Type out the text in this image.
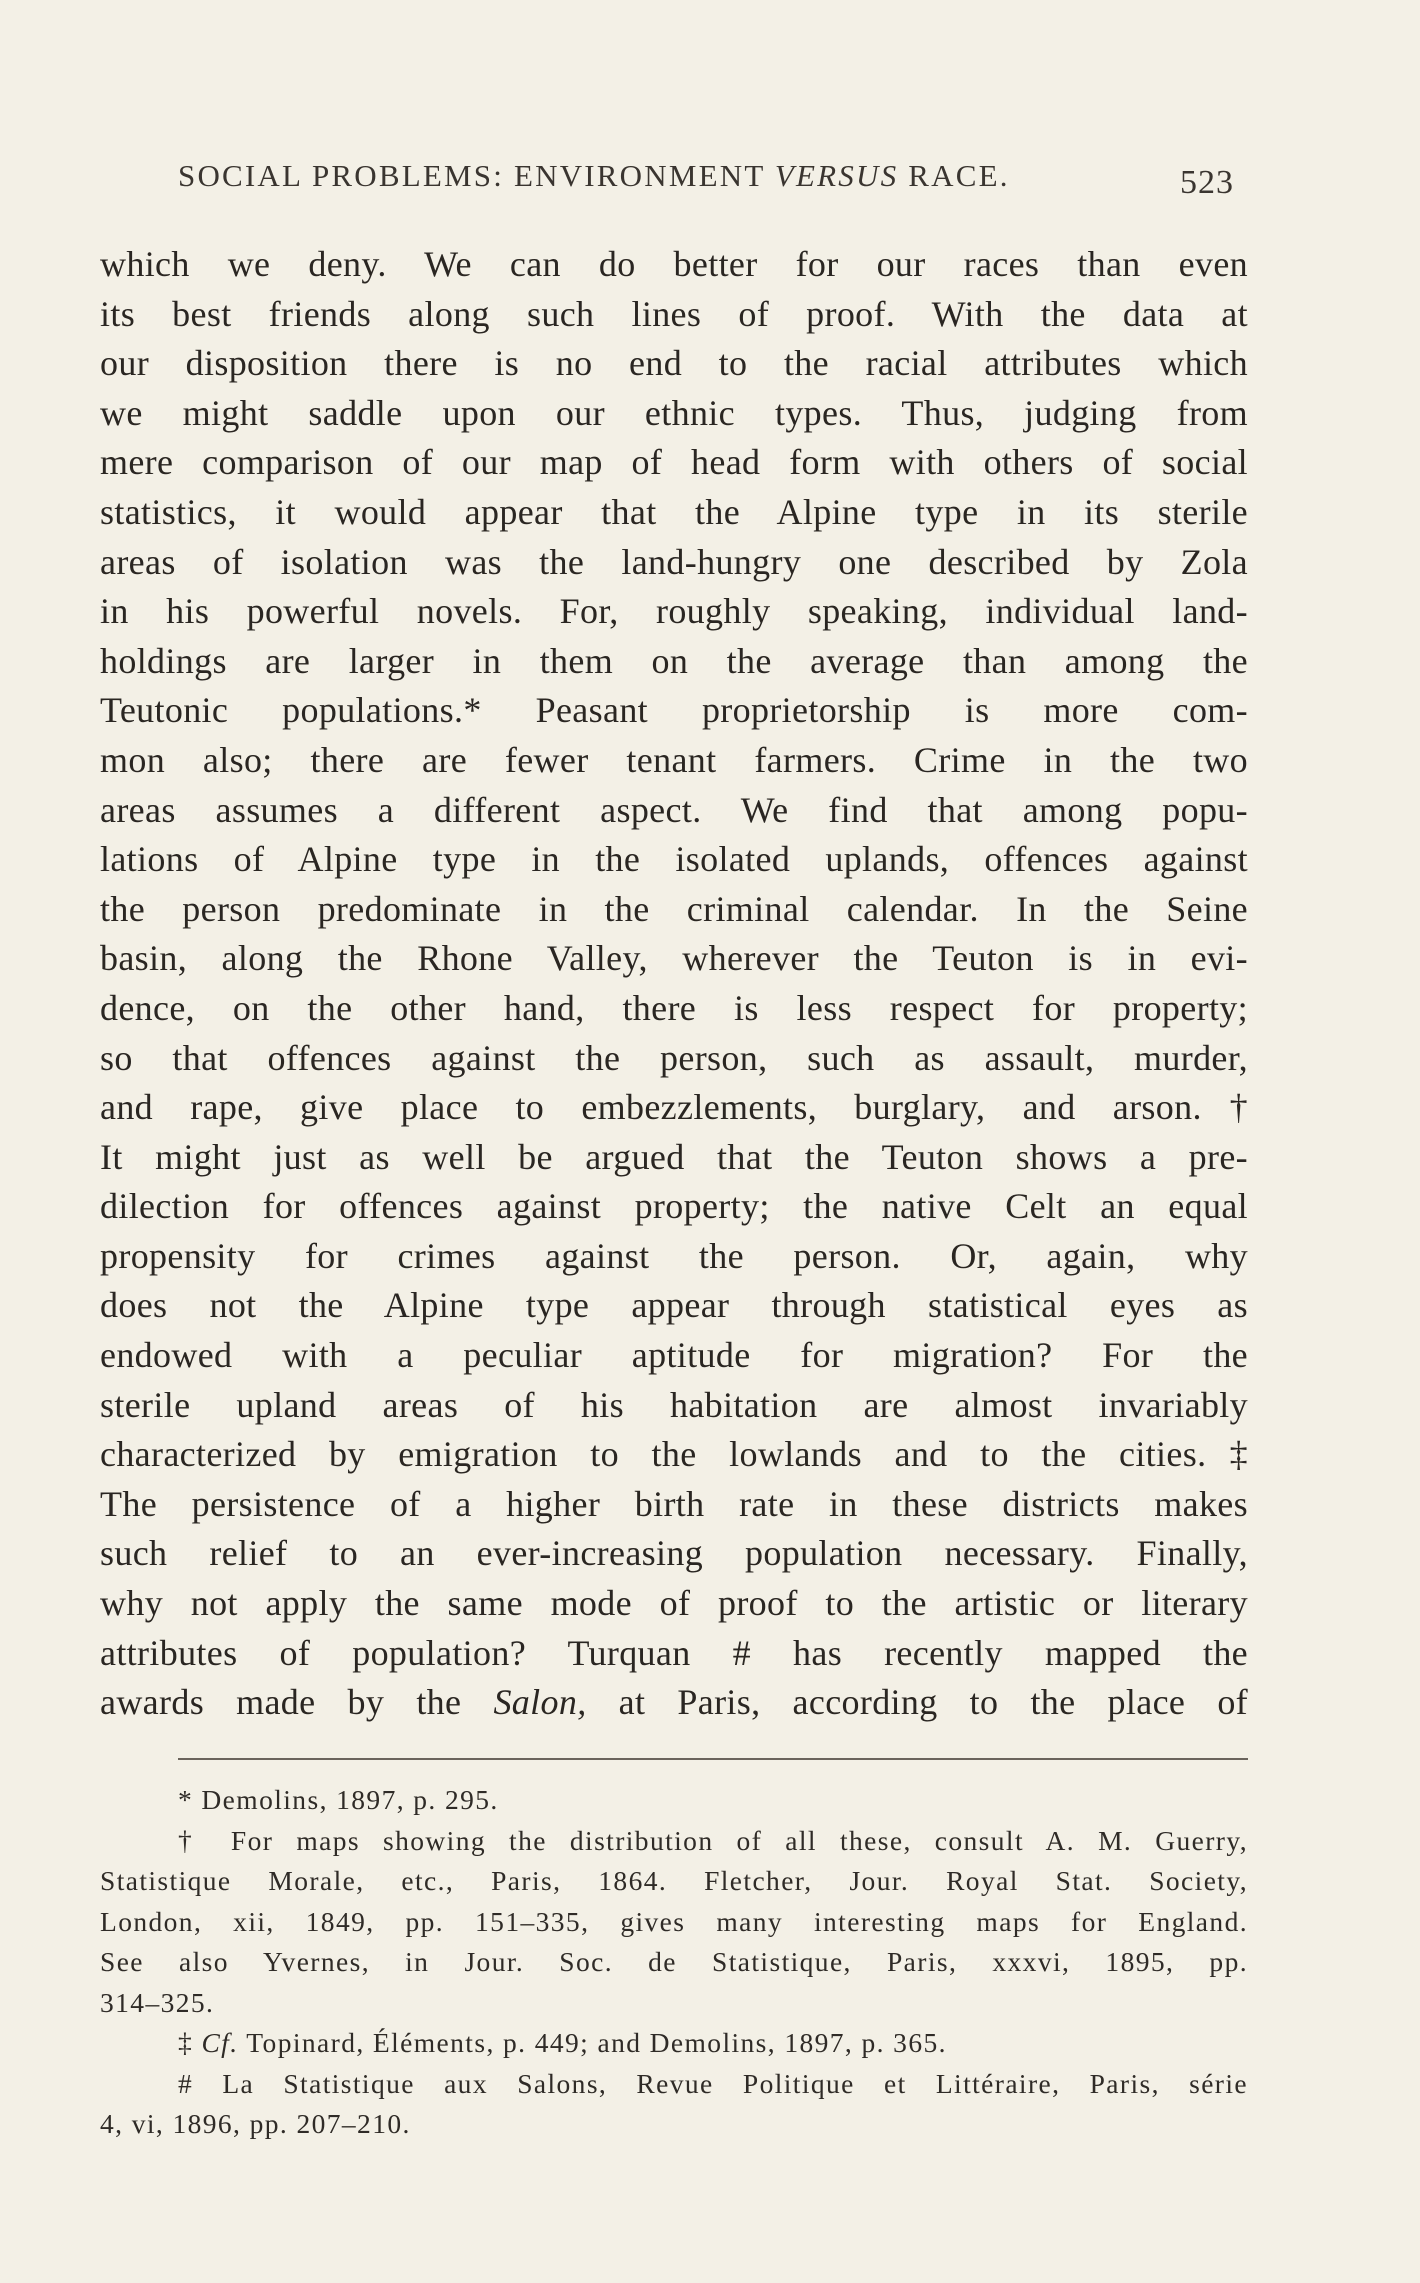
SOCIAL PROBLEMS: ENVIRONMENT VERSUS RACE.	523
which we deny. We can do better for our races than even
its best friends along such lines of proof. With the data at
our disposition there is no end to the racial attributes which
we might saddle upon our ethnic types. Thus, judging from
mere comparison of our map of head form with others of social
statistics, it would appear that the Alpine type in its sterile
areas of isolation was the land-hungry one described by Zola
in his powerful novels. For, roughly speaking, individual land-
holdings are larger in them on the average than among the
Teutonic populations.* Peasant proprietorship is more com-
mon also; there are fewer tenant farmers. Crime in the two
areas assumes a different aspect. We find that among popu-
lations of Alpine type in the isolated uplands, offences against
the person predominate in the criminal calendar. In the Seine
basin, along the Rhone Valley, wherever the Teuton is in evi-
dence, on the other hand, there is less respect for property;
so that offences against the person, such as assault, murder,
and rape, give place to embezzlements, burglary, and arson.†
It might just as well be argued that the Teuton shows a pre-
dilection for offences against property; the native Celt an equal
propensity for crimes against the person. Or, again, why
does not the Alpine type appear through statistical eyes as
endowed with a peculiar aptitude for migration? For the
sterile upland areas of his habitation are almost invariably
characterized by emigration to the lowlands and to the cities.‡
The persistence of a higher birth rate in these districts makes
such relief to an ever-increasing population necessary. Finally,
why not apply the same mode of proof to the artistic or literary
attributes of population? Turquan # has recently mapped the
awards made by the Salon, at Paris, according to the place of
* Demolins, 1897, p. 295.
† For maps showing the distribution of all these, consult A. M. Guerry,
Statistique Morale, etc., Paris, 1864. Fletcher, Jour. Royal Stat. Society,
London, xii, 1849, pp. 151–335, gives many interesting maps for England.
See also Yvernes, in Jour. Soc. de Statistique, Paris, xxxvi, 1895, pp.
314–325.
‡ Cf. Topinard, Éléments, p. 449; and Demolins, 1897, p. 365.
# La Statistique aux Salons, Revue Politique et Littéraire, Paris, série
4, vi, 1896, pp. 207–210.
